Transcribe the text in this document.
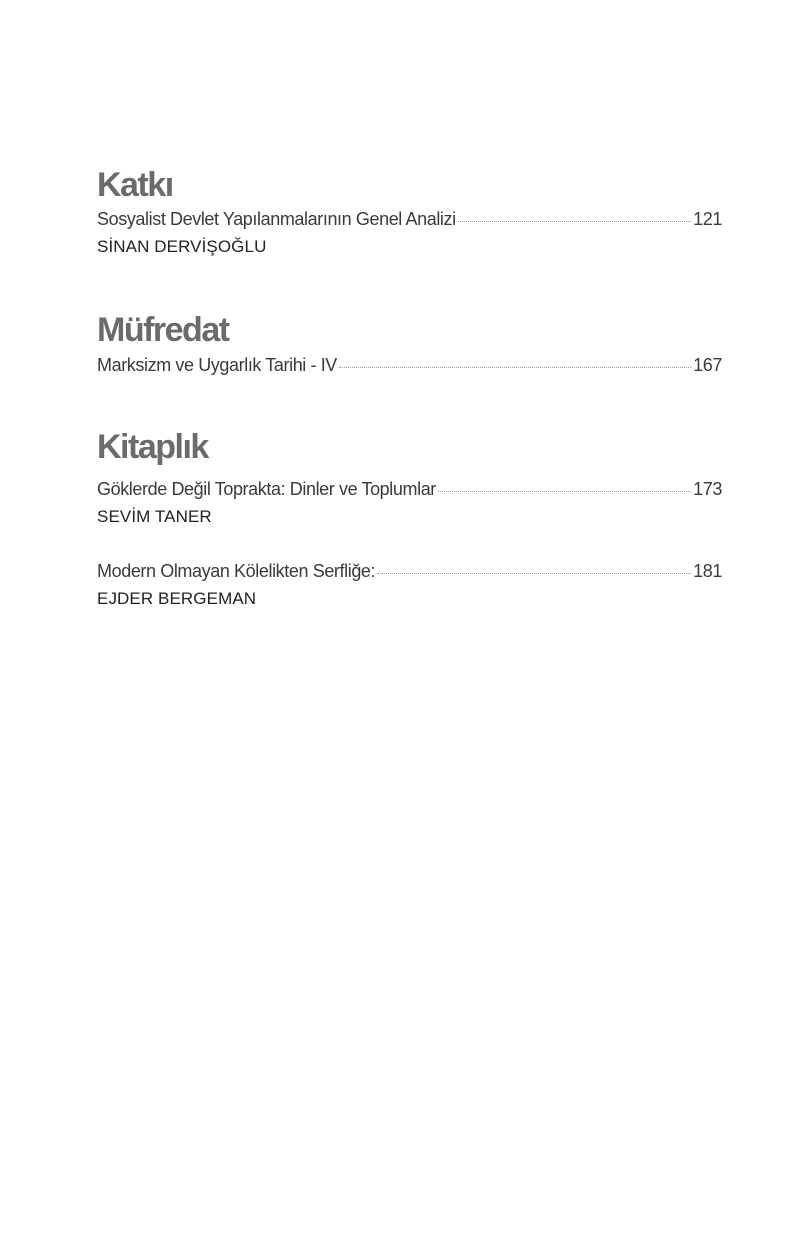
Katkı
Sosyalist Devlet Yapılanmalarının Genel Analizi	121
SİNAN DERVİŞOĞLU
Müfredat
Marksizm ve Uygarlık Tarihi - IV	167
Kitaplık
Göklerde Değil Toprakta: Dinler ve Toplumlar	173
SEVİM TANER
Modern Olmayan Kölelikten Serfliğe:	181
EJDER BERGEMAN
